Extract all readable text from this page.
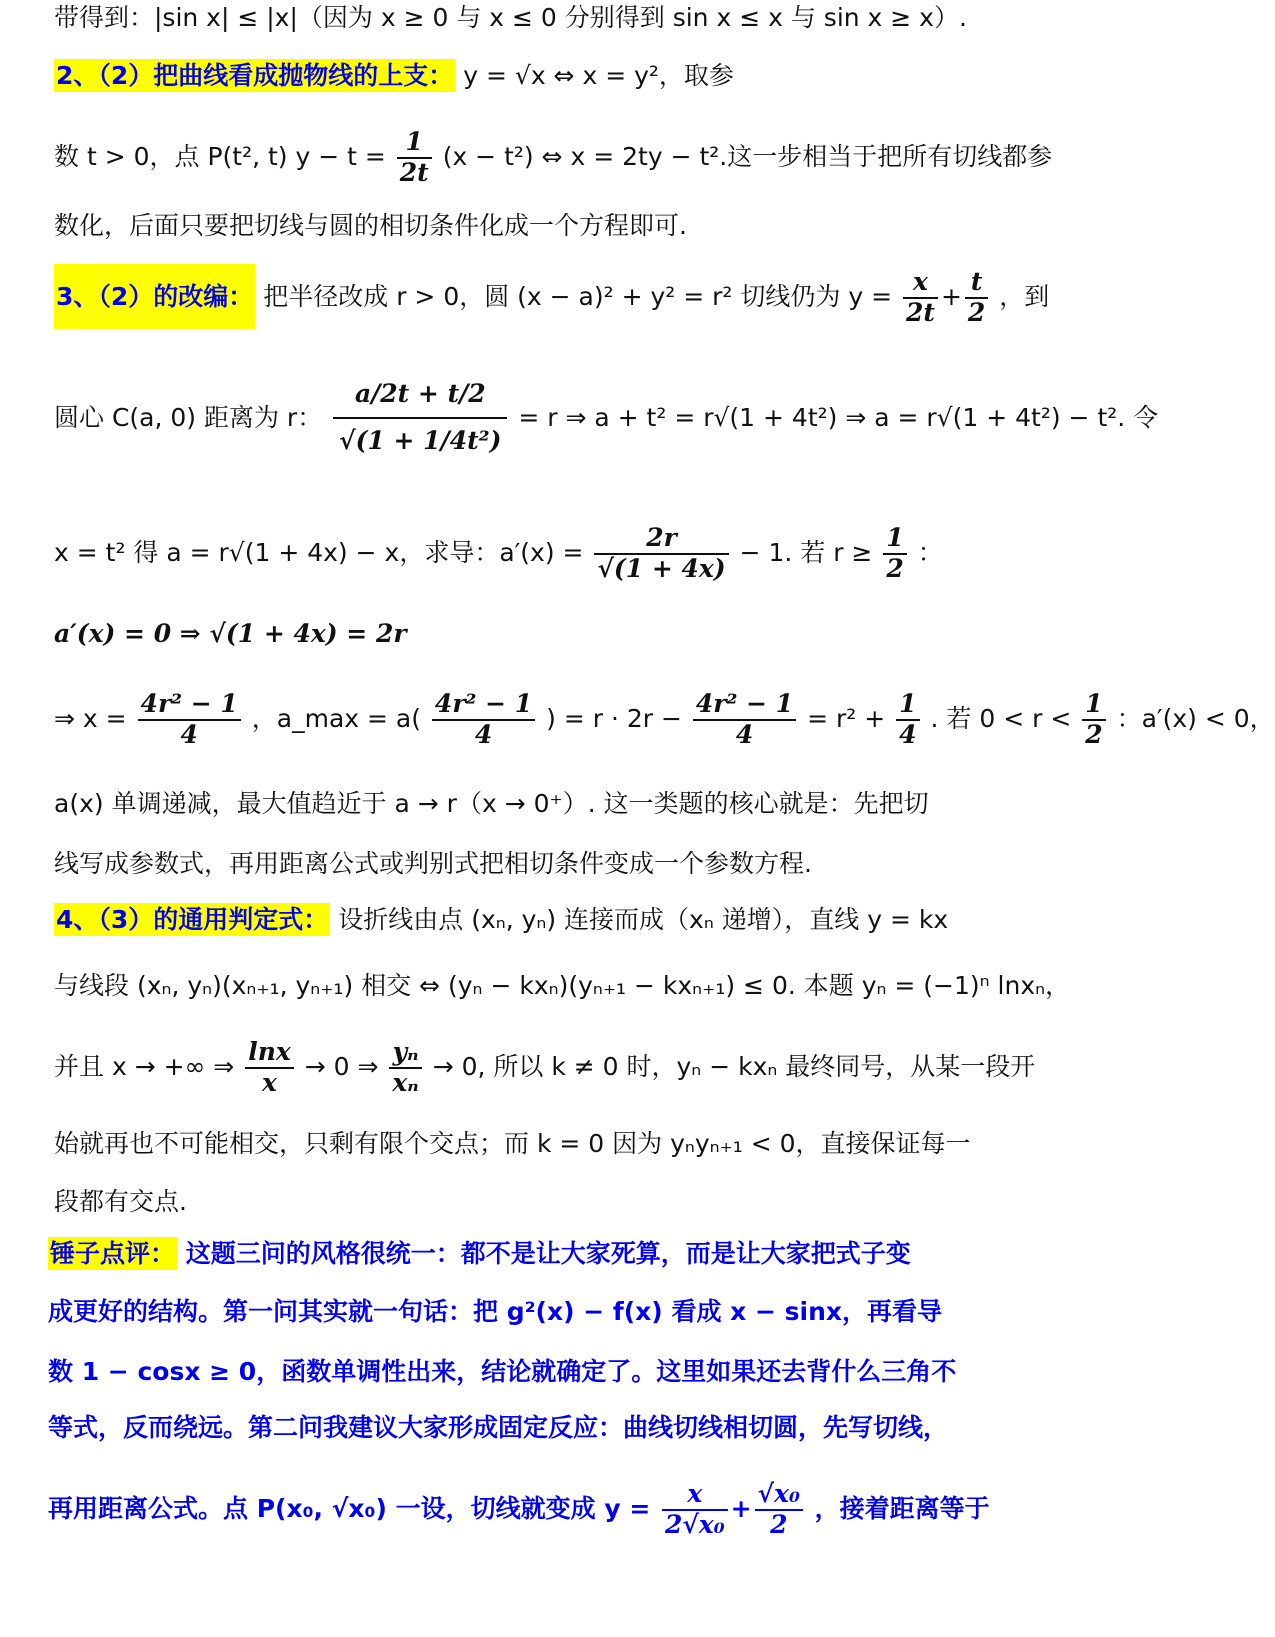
带得到：|sin x| ≤ |x|（因为 x ≥ 0 与 x ≤ 0 分别得到 sin x ≤ x 与 sin x ≥ x）.
2、（2）把曲线看成抛物线的上支： y = √x ⇔ x = y²，取参
数 t > 0，点 P(t², t) $y - t = \frac{1}{2t} (x - t^2)$ ⇔ x = 2ty − t².这一步相当于把所有切线都参
数化，后面只要把切线与圆的相切条件化成一个方程即可.
3、（2）的改编： 把半径改成 r > 0，圆 (x − a)² + y² = r² 切线仍为 $y = \frac{x}{2t} + \frac{t}{2}$ ，到
圆心 C(a, 0) 距离为 r： $\frac{a/2t + t/2}{\text{√(1 + 1/4t²)}} = r$ ⇒ a + t² = r√(1 + 4t²) ⇒ a = r√(1 + 4t²) − t². 令
x = t² 得 a = r√(1 + 4x) − x，求导：$a'(x) = \frac{2r}{√(1 + 4x)} - 1$. 若 $r \ge \frac{1}{2}$ ：
a′(x) = 0 ⇒ √(1 + 4x) = 2r
⇒ $x = \frac{\text{4r² − 1}}{4}$ ，a_max = $a( \frac{\text{4r² − 1}}{4}$ ) = $r \cdot 2r - \frac{\text{4r² − 1}}{4} = r^2 + \frac{1}{4}$ . 若 $0 < r < \frac{1}{2}$ ：a′(x) < 0，
a(x) 单调递减，最大值趋近于 a → r（x → 0⁺）. 这一类题的核心就是：先把切
线写成参数式，再用距离公式或判别式把相切条件变成一个参数方程.
4、（3）的通用判定式： 设折线由点 (xₙ, yₙ) 连接而成（xₙ 递增），直线 y = kx
与线段 (xₙ, yₙ)(xₙ₊₁, yₙ₊₁) 相交 ⇔ (yₙ − kxₙ)(yₙ₊₁ − kxₙ₊₁) ≤ 0. 本题 yₙ = (−1)ⁿ lnxₙ，
并且 x → +∞ ⇒ $\frac{\ln x}{x} \to 0$ ⇒ $\frac{\text{yₙ}}{\text{xₙ}} \to 0$, 所以 k ≠ 0 时，yₙ − kxₙ 最终同号，从某一段开
始就再也不可能相交，只剩有限个交点；而 k = 0 因为 yₙyₙ₊₁ < 0，直接保证每一
段都有交点.
锤子点评： 这题三问的风格很统一：都不是让大家死算，而是让大家把式子变
成更好的结构。第一问其实就一句话：把 g²(x) − f(x) 看成 x − sinx，再看导
数 1 − cosx ≥ 0，函数单调性出来，结论就确定了。这里如果还去背什么三角不
等式，反而绕远。第二问我建议大家形成固定反应：曲线切线相切圆，先写切线，
再用距离公式。点 P(x₀, √x₀) 一设，切线就变成 $y = \frac{x}{\text{2√x₀}} + \frac{\text{√x₀}}{2}$ ，接着距离等于
